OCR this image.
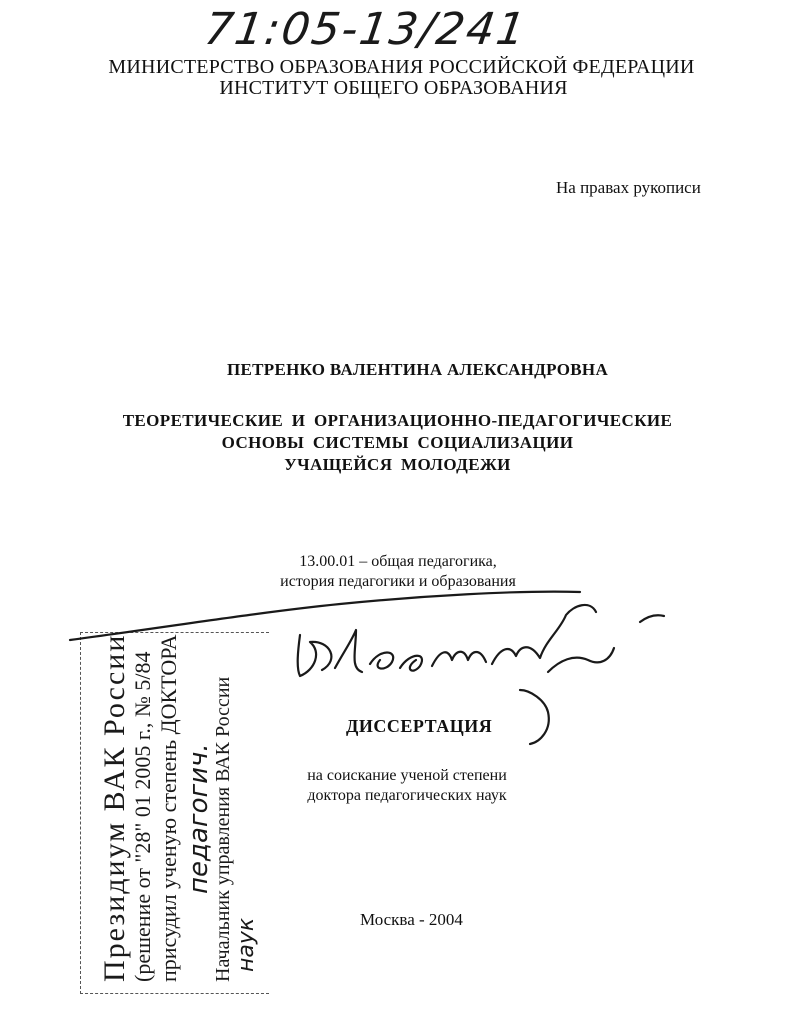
71:05-13/241
МИНИСТЕРСТВО ОБРАЗОВАНИЯ РОССИЙСКОЙ ФЕДЕРАЦИИ
ИНСТИТУТ ОБЩЕГО ОБРАЗОВАНИЯ
На правах рукописи
ПЕТРЕНКО ВАЛЕНТИНА АЛЕКСАНДРОВНА
ТЕОРЕТИЧЕСКИЕ И ОРГАНИЗАЦИОННО-ПЕДАГОГИЧЕСКИЕ
ОСНОВЫ СИСТЕМЫ СОЦИАЛИЗАЦИИ
УЧАЩЕЙСЯ МОЛОДЕЖИ
13.00.01 – общая педагогика,
история педагогики и образования
ДИССЕРТАЦИЯ
на соискание ученой степени
доктора педагогических наук
Москва - 2004
Президиум ВАК России (решение от "28" 01 2005 г., № 5/84 присудил ученую степень ДОКТОРА педагогич.
Начальник управления ВАК России наук
